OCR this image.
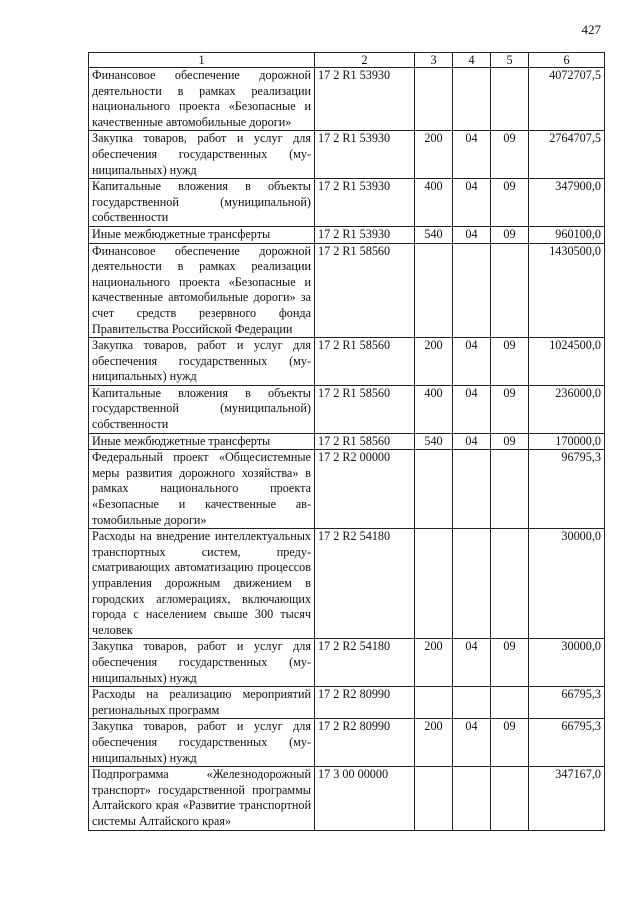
427
1	2	3	4	5	6
Финансовое обеспечение дорожной деятельности в рамках реализации национального проекта «Безопасные и качественные автомобильные дороги»	17 2 R1 53930				4072707,5
Закупка товаров, работ и услуг для обеспечения государственных (муниципальных) нужд	17 2 R1 53930	200	04	09	2764707,5
Капитальные вложения в объекты государственной (муниципальной) собственности	17 2 R1 53930	400	04	09	347900,0
Иные межбюджетные трансферты	17 2 R1 53930	540	04	09	960100,0
Финансовое обеспечение дорожной деятельности в рамках реализации национального проекта «Безопасные и качественные автомобильные дороги» за счет средств резервного фонда Правительства Российской Федерации	17 2 R1 58560				1430500,0
Закупка товаров, работ и услуг для обеспечения государственных (муниципальных) нужд	17 2 R1 58560	200	04	09	1024500,0
Капитальные вложения в объекты государственной (муниципальной) собственности	17 2 R1 58560	400	04	09	236000,0
Иные межбюджетные трансферты	17 2 R1 58560	540	04	09	170000,0
Федеральный проект «Общесистемные меры развития дорожного хозяйства» в рамках национального проекта «Безопасные и качественные автомобильные дороги»	17 2 R2 00000				96795,3
Расходы на внедрение интеллектуальных транспортных систем, предусматривающих автоматизацию процессов управления дорожным движением в городских агломерациях, включающих города с населением свыше 300 тысяч человек	17 2 R2 54180				30000,0
Закупка товаров, работ и услуг для обеспечения государственных (муниципальных) нужд	17 2 R2 54180	200	04	09	30000,0
Расходы на реализацию мероприятий региональных программ	17 2 R2 80990				66795,3
Закупка товаров, работ и услуг для обеспечения государственных (муниципальных) нужд	17 2 R2 80990	200	04	09	66795,3
Подпрограмма «Железнодорожный транспорт» государственной программы Алтайского края «Развитие транспортной системы Алтайского края»	17 3 00 00000				347167,0
